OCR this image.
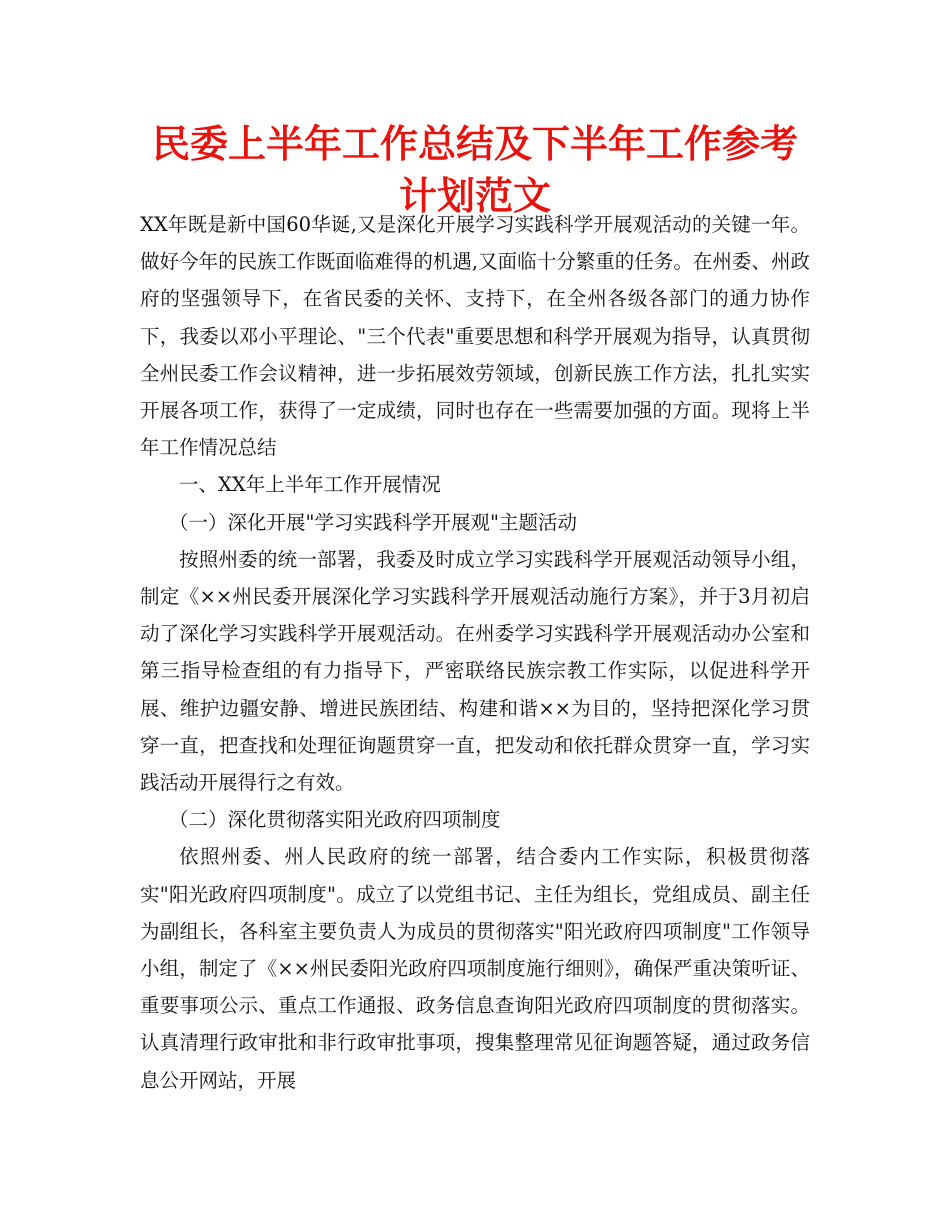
民委上半年工作总结及下半年工作参考计划范文

XX年既是新中国60华诞,又是深化开展学习实践科学开展观活动的关键一年。做好今年的民族工作既面临难得的机遇,又面临十分繁重的任务。在州委、州政府的坚强领导下，在省民委的关怀、支持下，在全州各级各部门的通力协作下，我委以邓小平理论、"三个代表"重要思想和科学开展观为指导，认真贯彻全州民委工作会议精神，进一步拓展效劳领域，创新民族工作方法，扎扎实实开展各项工作，获得了一定成绩，同时也存在一些需要加强的方面。现将上半年工作情况总结

一、XX年上半年工作开展情况

（一）深化开展"学习实践科学开展观"主题活动

按照州委的统一部署，我委及时成立学习实践科学开展观活动领导小组，制定《××州民委开展深化学习实践科学开展观活动施行方案》，并于3月初启动了深化学习实践科学开展观活动。在州委学习实践科学开展观活动办公室和第三指导检查组的有力指导下，严密联络民族宗教工作实际，以促进科学开展、维护边疆安静、增进民族团结、构建和谐××为目的，坚持把深化学习贯穿一直，把查找和处理征询题贯穿一直，把发动和依托群众贯穿一直，学习实践活动开展得行之有效。

（二）深化贯彻落实阳光政府四项制度

依照州委、州人民政府的统一部署，结合委内工作实际，积极贯彻落实"阳光政府四项制度"。成立了以党组书记、主任为组长，党组成员、副主任为副组长，各科室主要负责人为成员的贯彻落实"阳光政府四项制度"工作领导小组，制定了《××州民委阳光政府四项制度施行细则》，确保严重决策听证、重要事项公示、重点工作通报、政务信息查询阳光政府四项制度的贯彻落实。认真清理行政审批和非行政审批事项，搜集整理常见征询题答疑，通过政务信息公开网站，开展
